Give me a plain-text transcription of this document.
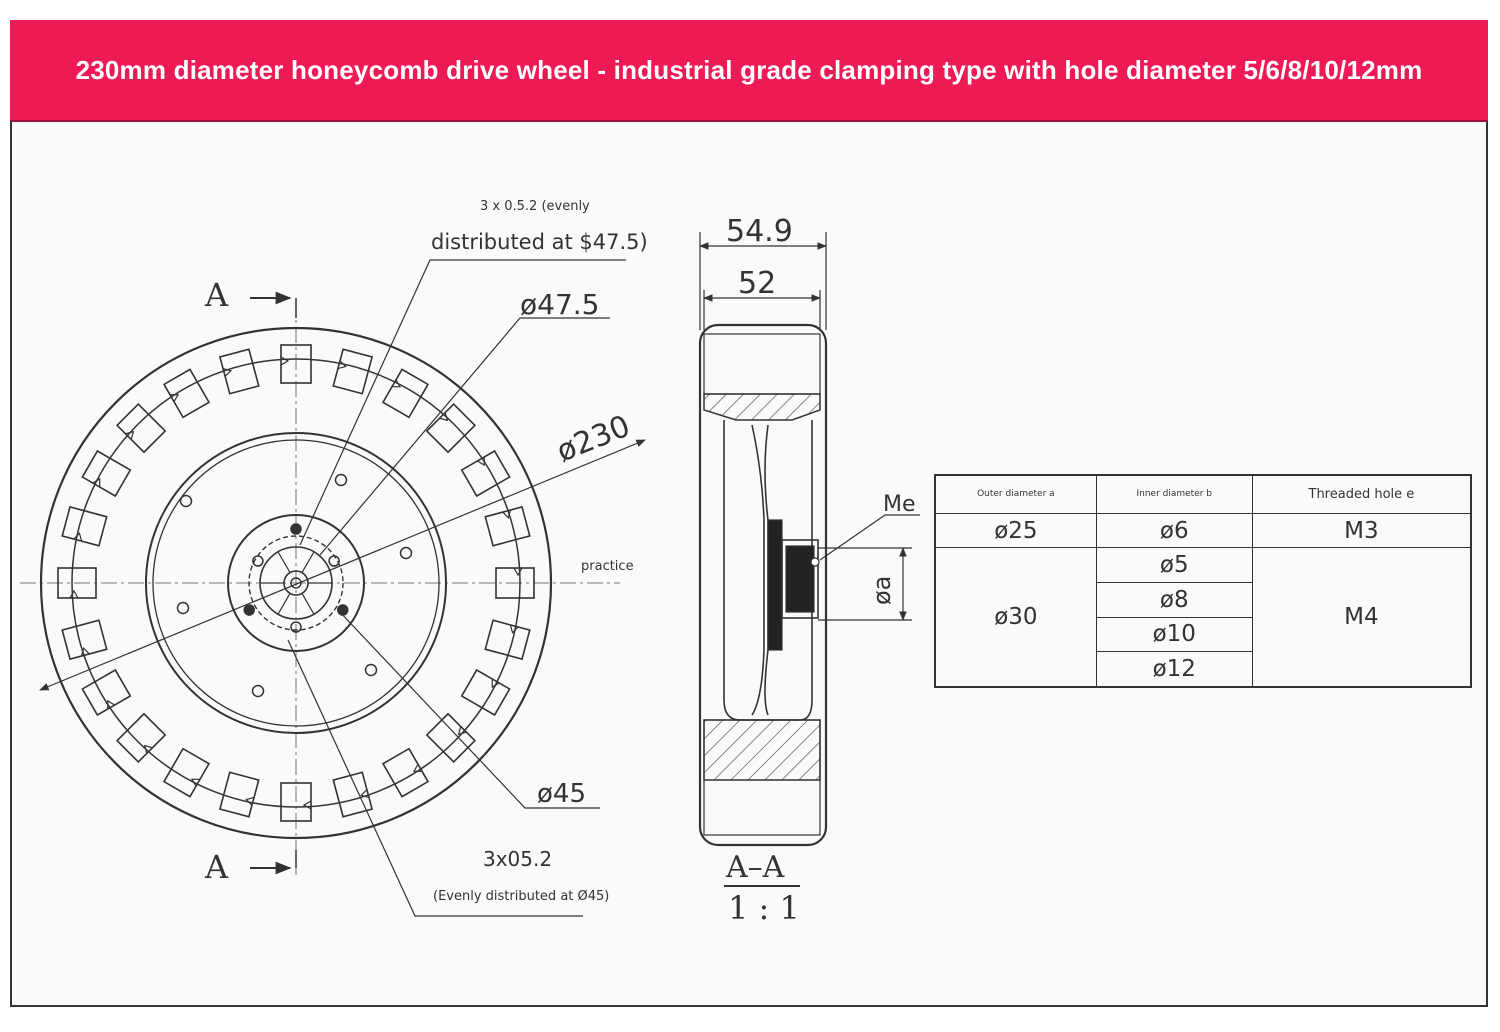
230mm diameter honeycomb drive wheel - industrial grade clamping type with hole diameter 5/6/8/10/12mm
A
A
3 x 0.5.2 (evenly
distributed at $47.5)
ø47.5
ø230
practice
ø45
3x05.2
(Evenly distributed at Ø45)
54.9
52
Me
øa
A–A
1 : 1
Outer diameter a	Inner diameter b	Threaded hole e
ø25	ø6	M3
ø30	ø5	M4
	ø8	
	ø10	
	ø12	
